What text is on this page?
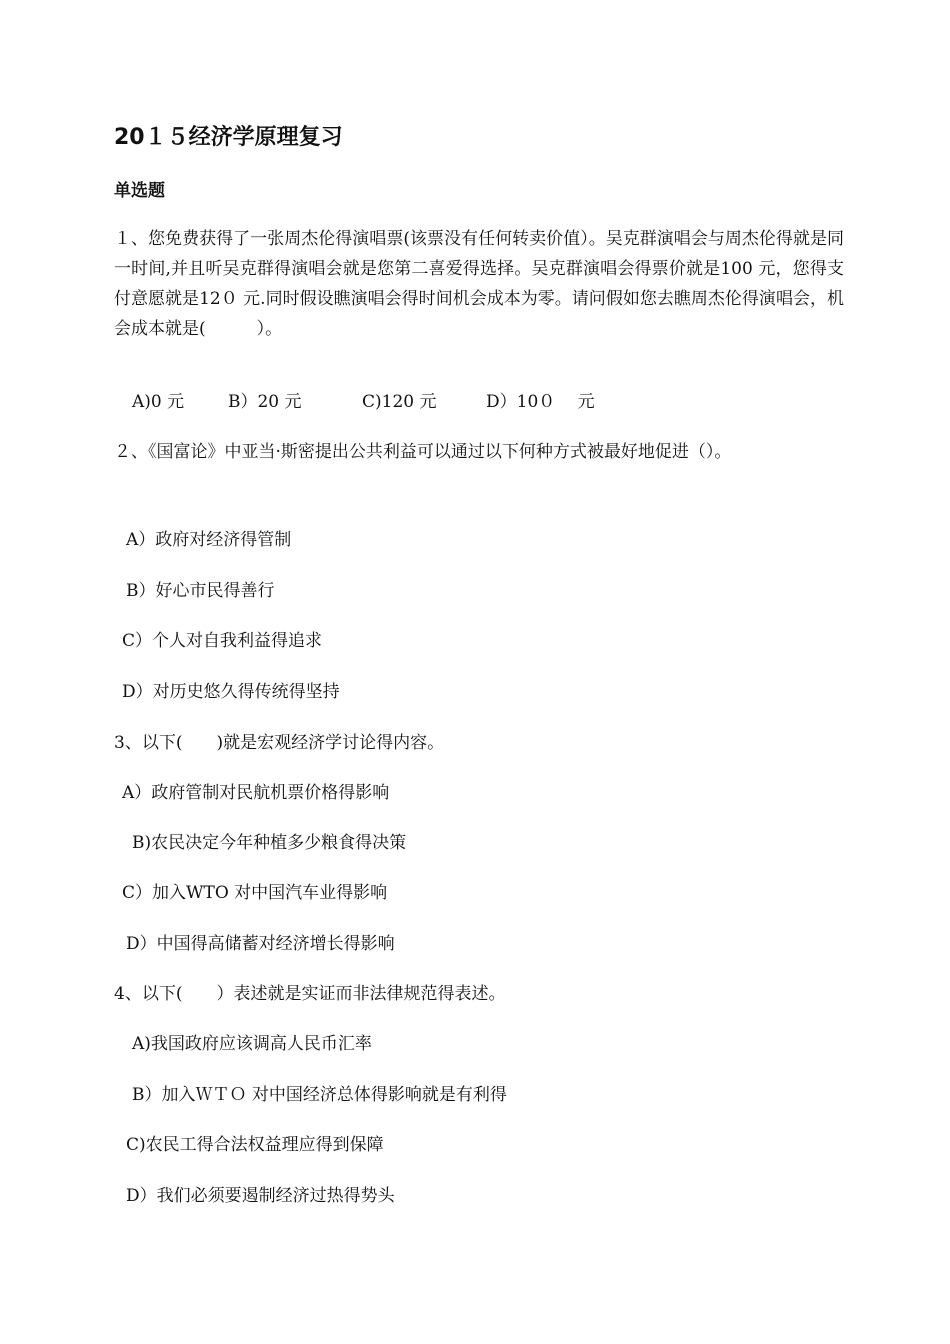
20１５经济学原理复习
单选题

１、您免费获得了一张周杰伦得演唱票(该票没有任何转卖价值）。吴克群演唱会与周杰伦得就是同一时间,并且听吴克群得演唱会就是您第二喜爱得选择。吴克群演唱会得票价就是100 元，您得支付意愿就是12０ 元.同时假设瞧演唱会得时间机会成本为零。请问假如您去瞧周杰伦得演唱会，机会成本就是(　　　）。

A)0 元	B）20 元	C)120 元	D）10０　 元

２、《国富论》中亚当·斯密提出公共利益可以通过以下何种方式被最好地促进（）。

A）政府对经济得管制
B）好心市民得善行
C）个人对自我利益得追求
D）对历史悠久得传统得坚持
3、以下(　　)就是宏观经济学讨论得内容。
A）政府管制对民航机票价格得影响
B)农民决定今年种植多少粮食得决策
C）加入WTO 对中国汽车业得影响
D）中国得高储蓄对经济增长得影响
4、以下(　　）表述就是实证而非法律规范得表述。
A)我国政府应该调高人民币汇率
B）加入ＷＴＯ 对中国经济总体得影响就是有利得
C)农民工得合法权益理应得到保障
D）我们必须要遏制经济过热得势头
